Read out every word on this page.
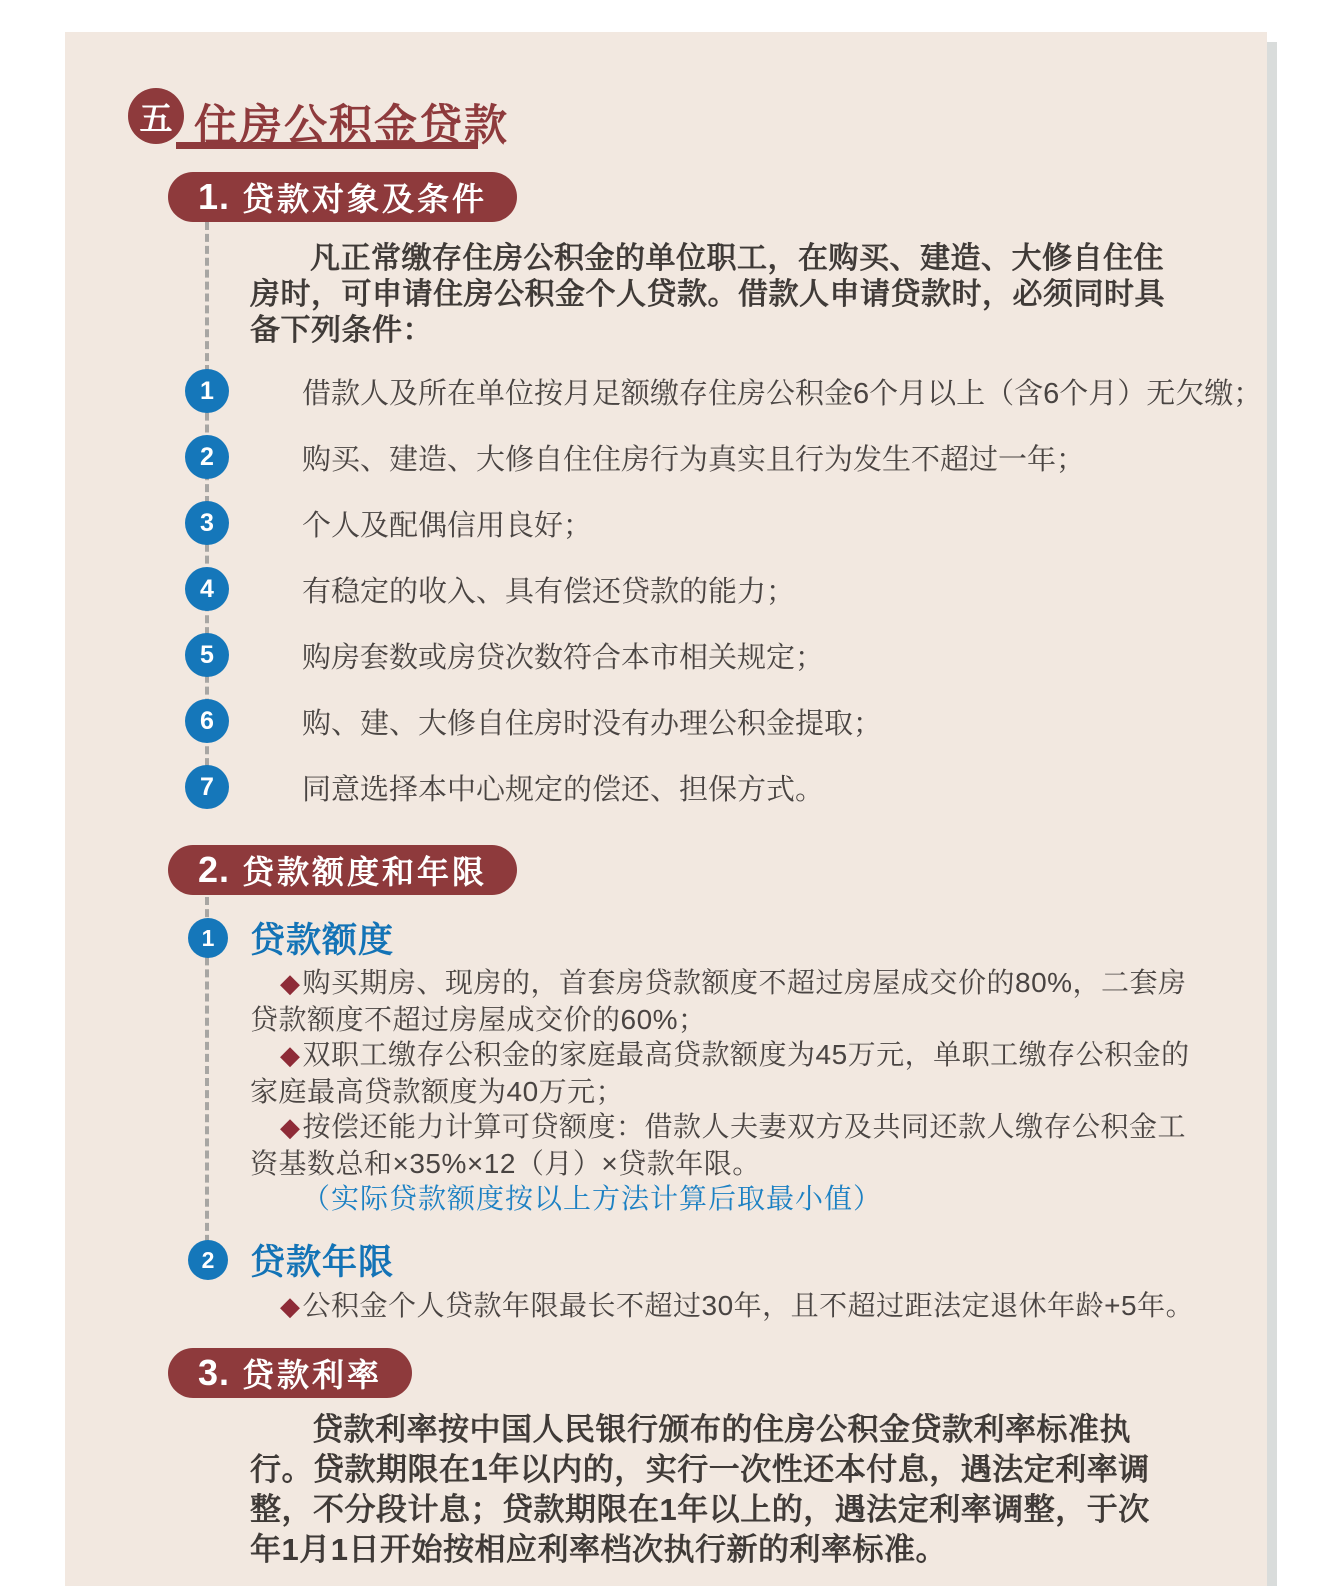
五 住房公积金贷款
1. 贷款对象及条件

凡正常缴存住房公积金的单位职工，在购买、建造、大修自住住房时，可申请住房公积金个人贷款。借款人申请贷款时，必须同时具备下列条件：

1	借款人及所在单位按月足额缴存住房公积金6个月以上（含6个月）无欠缴；
2	购买、建造、大修自住住房行为真实且行为发生不超过一年；
3	个人及配偶信用良好；
4	有稳定的收入、具有偿还贷款的能力；
5	购房套数或房贷次数符合本市相关规定；
6	购、建、大修自住房时没有办理公积金提取；
7	同意选择本中心规定的偿还、担保方式。
2. 贷款额度和年限
1	贷款额度

◆购买期房、现房的，首套房贷款额度不超过房屋成交价的80%，二套房贷款额度不超过房屋成交价的60%；

◆双职工缴存公积金的家庭最高贷款额度为45万元，单职工缴存公积金的家庭最高贷款额度为40万元；

◆按偿还能力计算可贷额度：借款人夫妻双方及共同还款人缴存公积金工资基数总和×35%×12（月）×贷款年限。

（实际贷款额度按以上方法计算后取最小值）

2	贷款年限

◆公积金个人贷款年限最长不超过30年，且不超过距法定退休年龄+5年。

3. 贷款利率

贷款利率按中国人民银行颁布的住房公积金贷款利率标准执行。贷款期限在1年以内的，实行一次性还本付息，遇法定利率调整，不分段计息；贷款期限在1年以上的，遇法定利率调整，于次年1月1日开始按相应利率档次执行新的利率标准。
